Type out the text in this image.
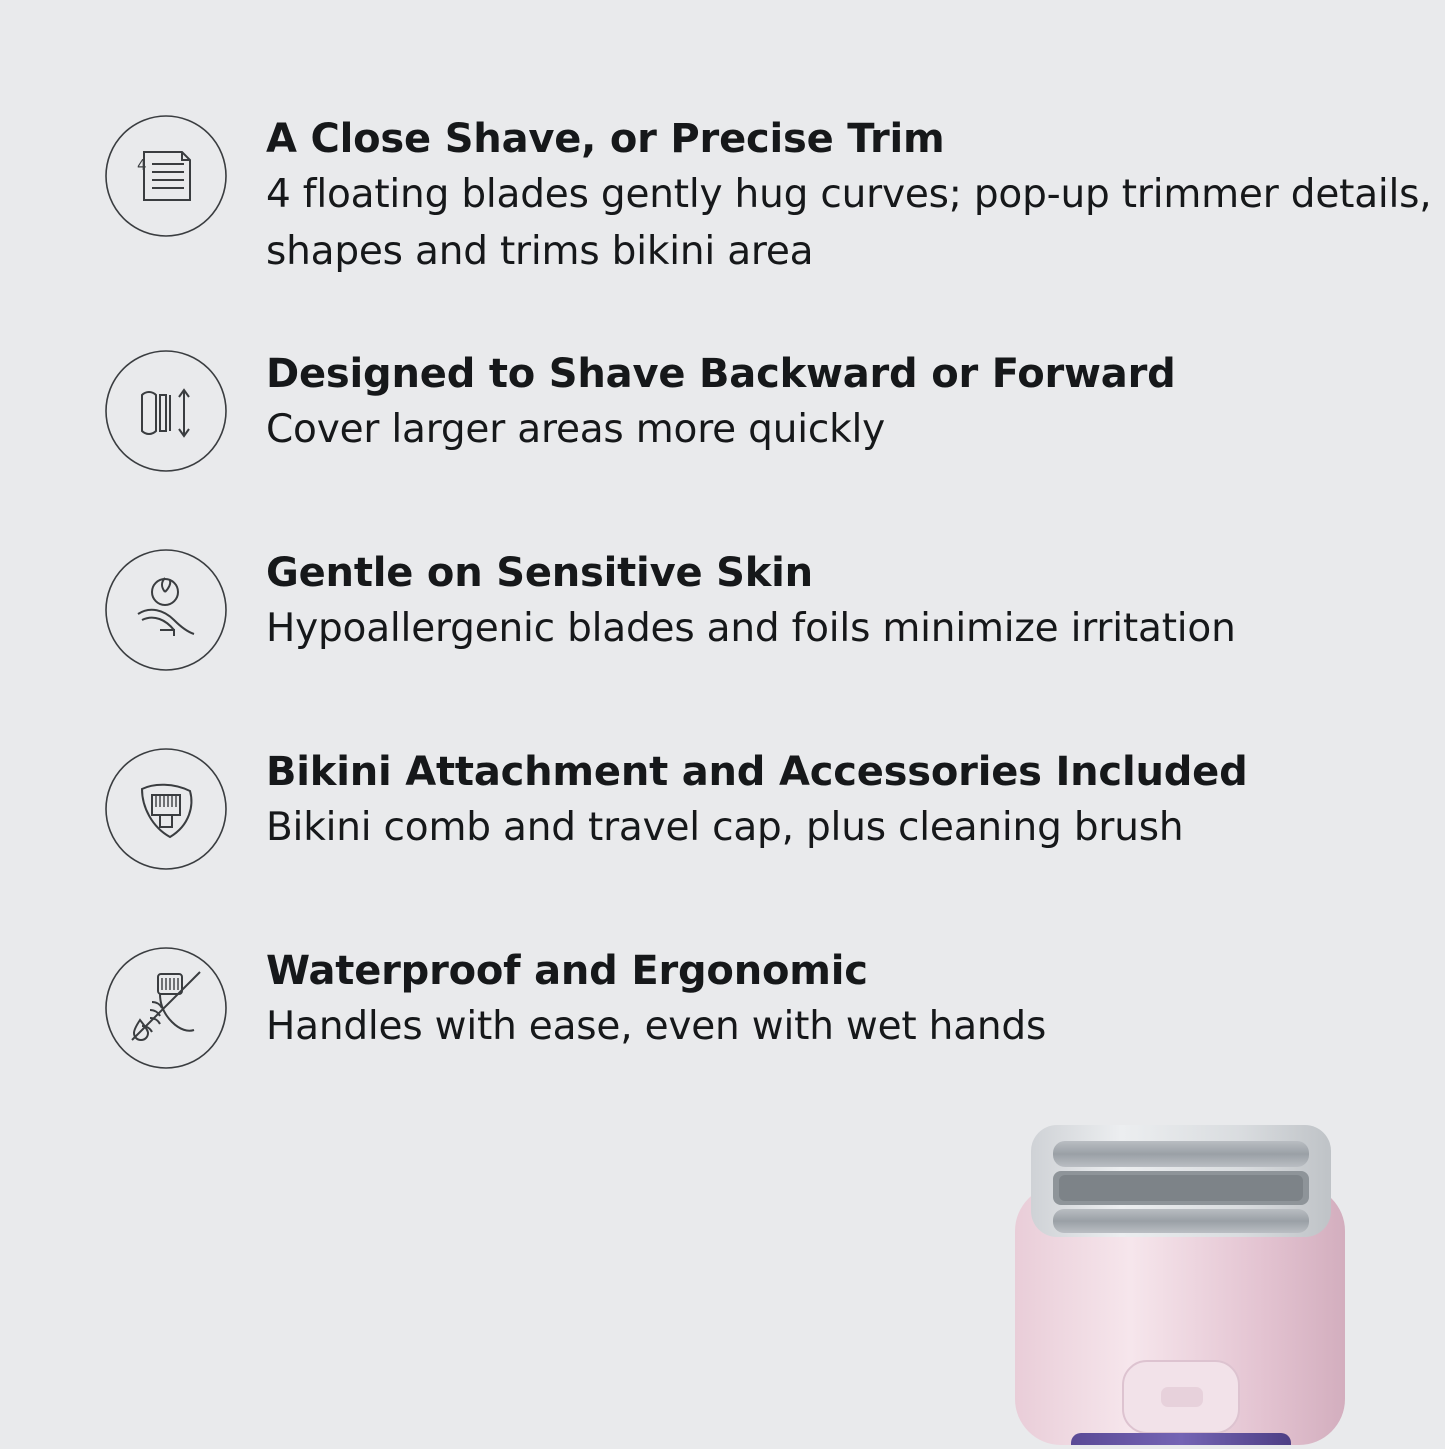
4
A Close Shave, or Precise Trim
4 floating blades gently hug curves; pop-up trimmer details, shapes and trims bikini area
Designed to Shave Backward or Forward
Cover larger areas more quickly
Gentle on Sensitive Skin
Hypoallergenic blades and foils minimize irritation
Bikini Attachment and Accessories Included
Bikini comb and travel cap, plus cleaning brush
Waterproof and Ergonomic
Handles with ease, even with wet hands
